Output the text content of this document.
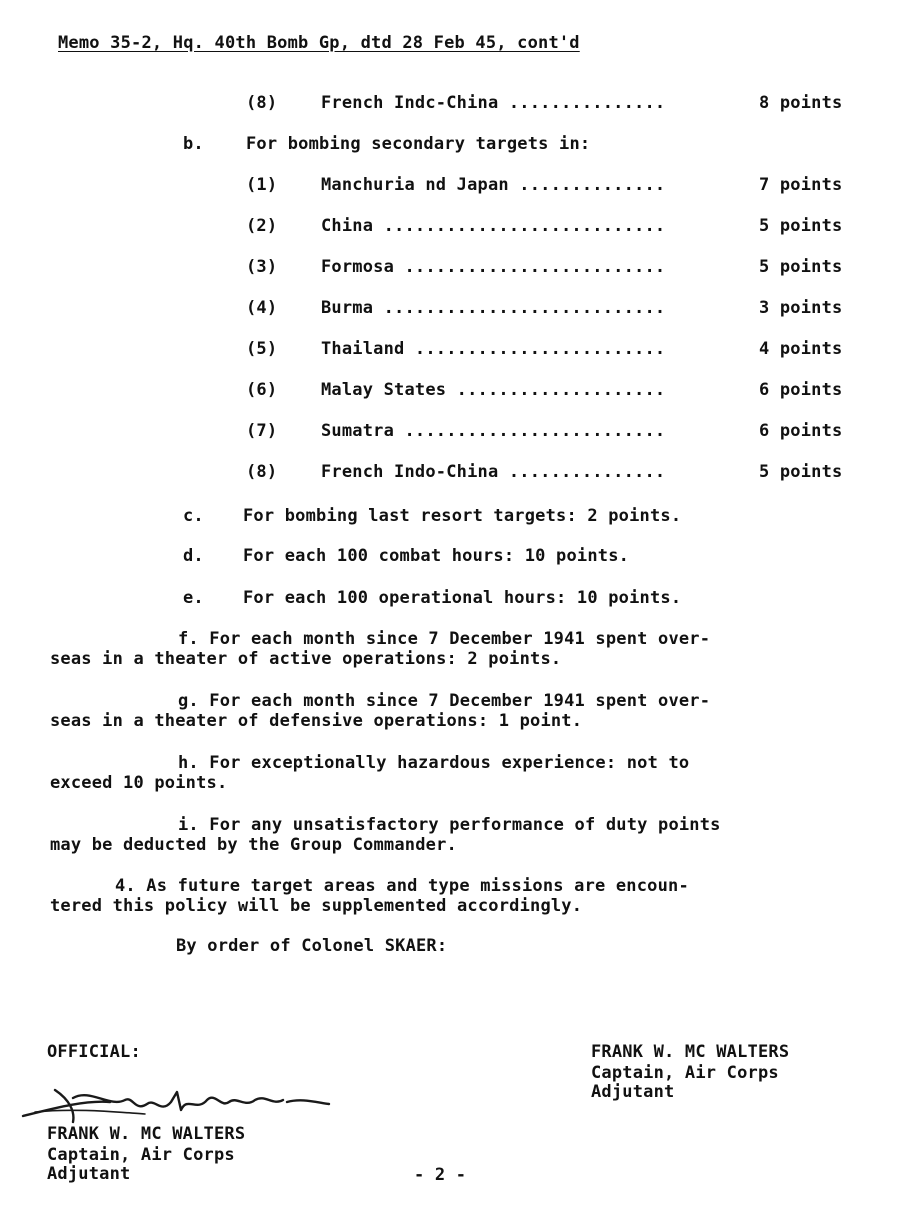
Memo 35-2, Hq. 40th Bomb Gp, dtd 28 Feb 45, cont'd
(8)	French Indc-China ...............	8 points
b. For bombing secondary targets in:
(1)	Manchuria nd Japan ..............	7 points
(2)	China ...........................	5 points
(3)	Formosa .........................	5 points
(4)	Burma ...........................	3 points
(5)	Thailand ........................	4 points
(6)	Malay States ....................	6 points
(7)	Sumatra .........................	6 points
(8)	French Indo-China ...............	5 points
c. For bombing last resort targets: 2 points.
d. For each 100 combat hours: 10 points.
e. For each 100 operational hours: 10 points.
f. For each month since 7 December 1941 spent over-
seas in a theater of active operations: 2 points.
g. For each month since 7 December 1941 spent over-
seas in a theater of defensive operations: 1 point.
h. For exceptionally hazardous experience: not to
exceed 10 points.
i. For any unsatisfactory performance of duty points
may be deducted by the Group Commander.
4. As future target areas and type missions are encoun-
tered this policy will be supplemented accordingly.
By order of Colonel SKAER:
OFFICIAL:	FRANK W. MC WALTERS
Captain, Air Corps
Adjutant
FRANK W. MC WALTERS
Captain, Air Corps
Adjutant	- 2 -
